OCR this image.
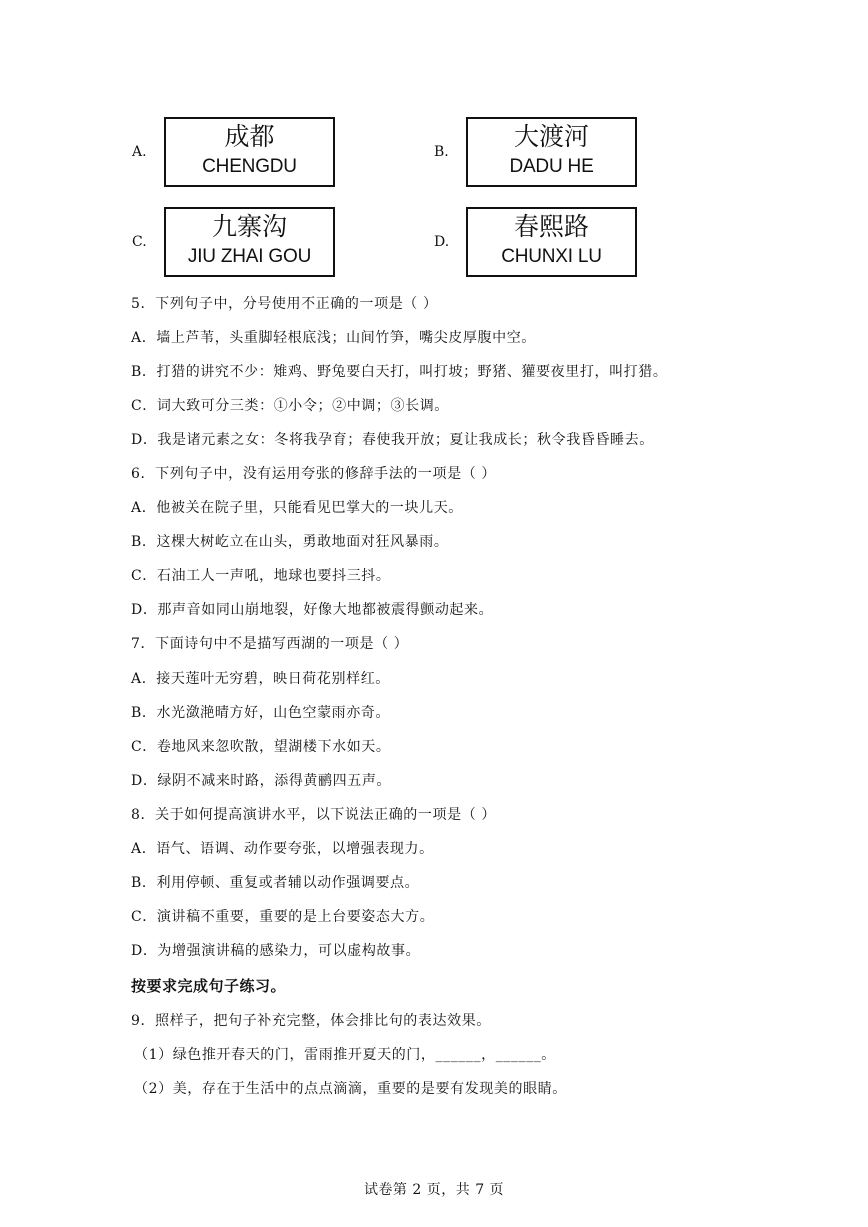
A.
成都
CHENGDU
B.
大渡河
DADU HE
C.
九寨沟
JIU ZHAI GOU
D.
春熙路
CHUNXI LU
5．下列句子中，分号使用不正确的一项是（ ）
A．墙上芦苇，头重脚轻根底浅；山间竹笋，嘴尖皮厚腹中空。
B．打猎的讲究不少：雉鸡、野兔要白天打，叫打坡；野猪、獾要夜里打，叫打猎。
C．词大致可分三类：①小令；②中调；③长调。
D．我是诸元素之女：冬将我孕育；春使我开放；夏让我成长；秋令我昏昏睡去。
6．下列句子中，没有运用夸张的修辞手法的一项是（ ）
A．他被关在院子里，只能看见巴掌大的一块儿天。
B．这棵大树屹立在山头，勇敢地面对狂风暴雨。
C．石油工人一声吼，地球也要抖三抖。
D．那声音如同山崩地裂，好像大地都被震得颤动起来。
7．下面诗句中不是描写西湖的一项是（ ）
A．接天莲叶无穷碧，映日荷花别样红。
B．水光潋滟晴方好，山色空蒙雨亦奇。
C．卷地风来忽吹散，望湖楼下水如天。
D．绿阴不减来时路，添得黄鹂四五声。
8．关于如何提高演讲水平，以下说法正确的一项是（ ）
A．语气、语调、动作要夸张，以增强表现力。
B．利用停顿、重复或者辅以动作强调要点。
C．演讲稿不重要，重要的是上台要姿态大方。
D．为增强演讲稿的感染力，可以虚构故事。
按要求完成句子练习。
9．照样子，把句子补充完整，体会排比句的表达效果。
（1）绿色推开春天的门，雷雨推开夏天的门，______，______。
（2）美，存在于生活中的点点滴滴，重要的是要有发现美的眼睛。
试卷第 2 页，共 7 页
